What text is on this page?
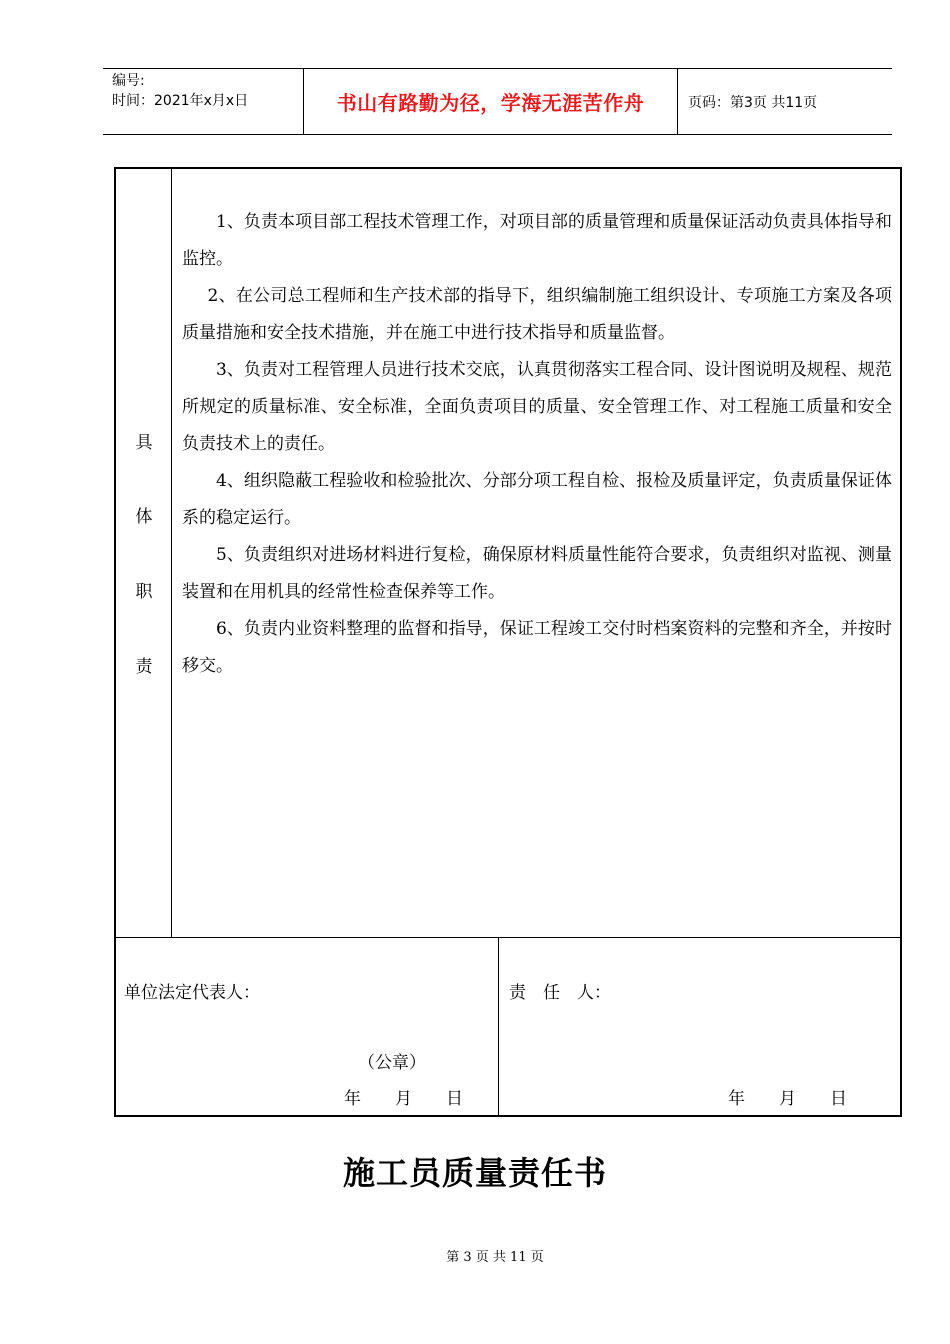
编号:
时间：2021年x月x日	书山有路勤为径，学海无涯苦作舟	页码：第3页 共11页
具
体
职
责

1、负责本项目部工程技术管理工作，对项目部的质量管理和质量保证活动负责具体指导和监控。

2、在公司总工程师和生产技术部的指导下，组织编制施工组织设计、专项施工方案及各项质量措施和安全技术措施，并在施工中进行技术指导和质量监督。

3、负责对工程管理人员进行技术交底，认真贯彻落实工程合同、设计图说明及规程、规范所规定的质量标准、安全标准，全面负责项目的质量、安全管理工作、对工程施工质量和安全负责技术上的责任。

4、组织隐蔽工程验收和检验批次、分部分项工程自检、报检及质量评定，负责质量保证体系的稳定运行。

5、负责组织对进场材料进行复检，确保原材料质量性能符合要求，负责组织对监视、测量装置和在用机具的经常性检查保养等工作。

6、负责内业资料整理的监督和指导，保证工程竣工交付时档案资料的完整和齐全，并按时移交。

单位法定代表人：
（公章）
年　　月　　日
责　任　人：
年　　月　　日
施工员质量责任书
第 3 页 共 11 页
